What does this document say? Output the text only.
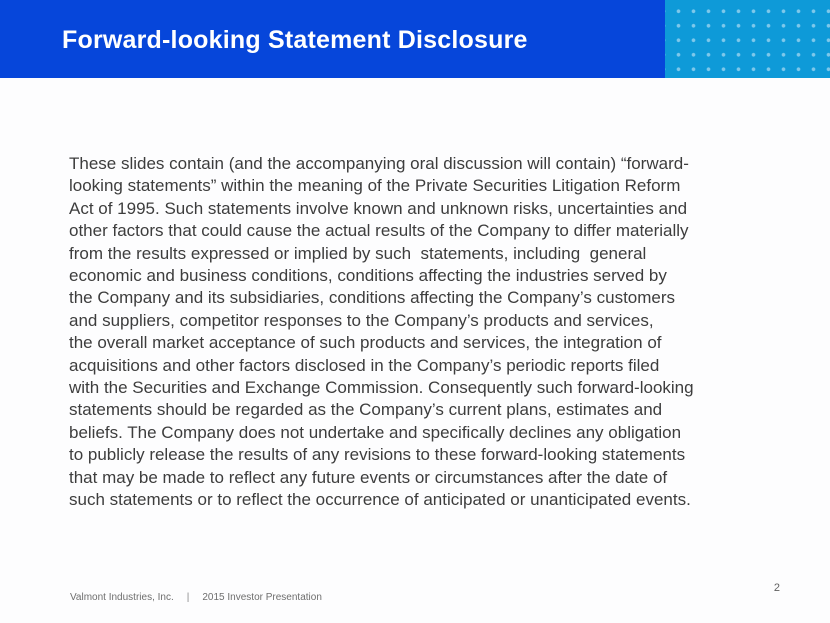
Forward-looking Statement Disclosure
These slides contain (and the accompanying oral discussion will contain) “forward-
looking statements” within the meaning of the Private Securities Litigation Reform
Act of 1995. Such statements involve known and unknown risks, uncertainties and
other factors that could cause the actual results of the Company to differ materially
from the results expressed or implied by such  statements, including  general
economic and business conditions, conditions affecting the industries served by
the Company and its subsidiaries, conditions affecting the Company’s customers
and suppliers, competitor responses to the Company’s products and services,
the overall market acceptance of such products and services, the integration of
acquisitions and other factors disclosed in the Company’s periodic reports filed
with the Securities and Exchange Commission. Consequently such forward-looking
statements should be regarded as the Company’s current plans, estimates and
beliefs. The Company does not undertake and specifically declines any obligation
to publicly release the results of any revisions to these forward-looking statements
that may be made to reflect any future events or circumstances after the date of
such statements or to reflect the occurrence of anticipated or unanticipated events.
Valmont Industries, Inc. | 2015 Investor Presentation
2
